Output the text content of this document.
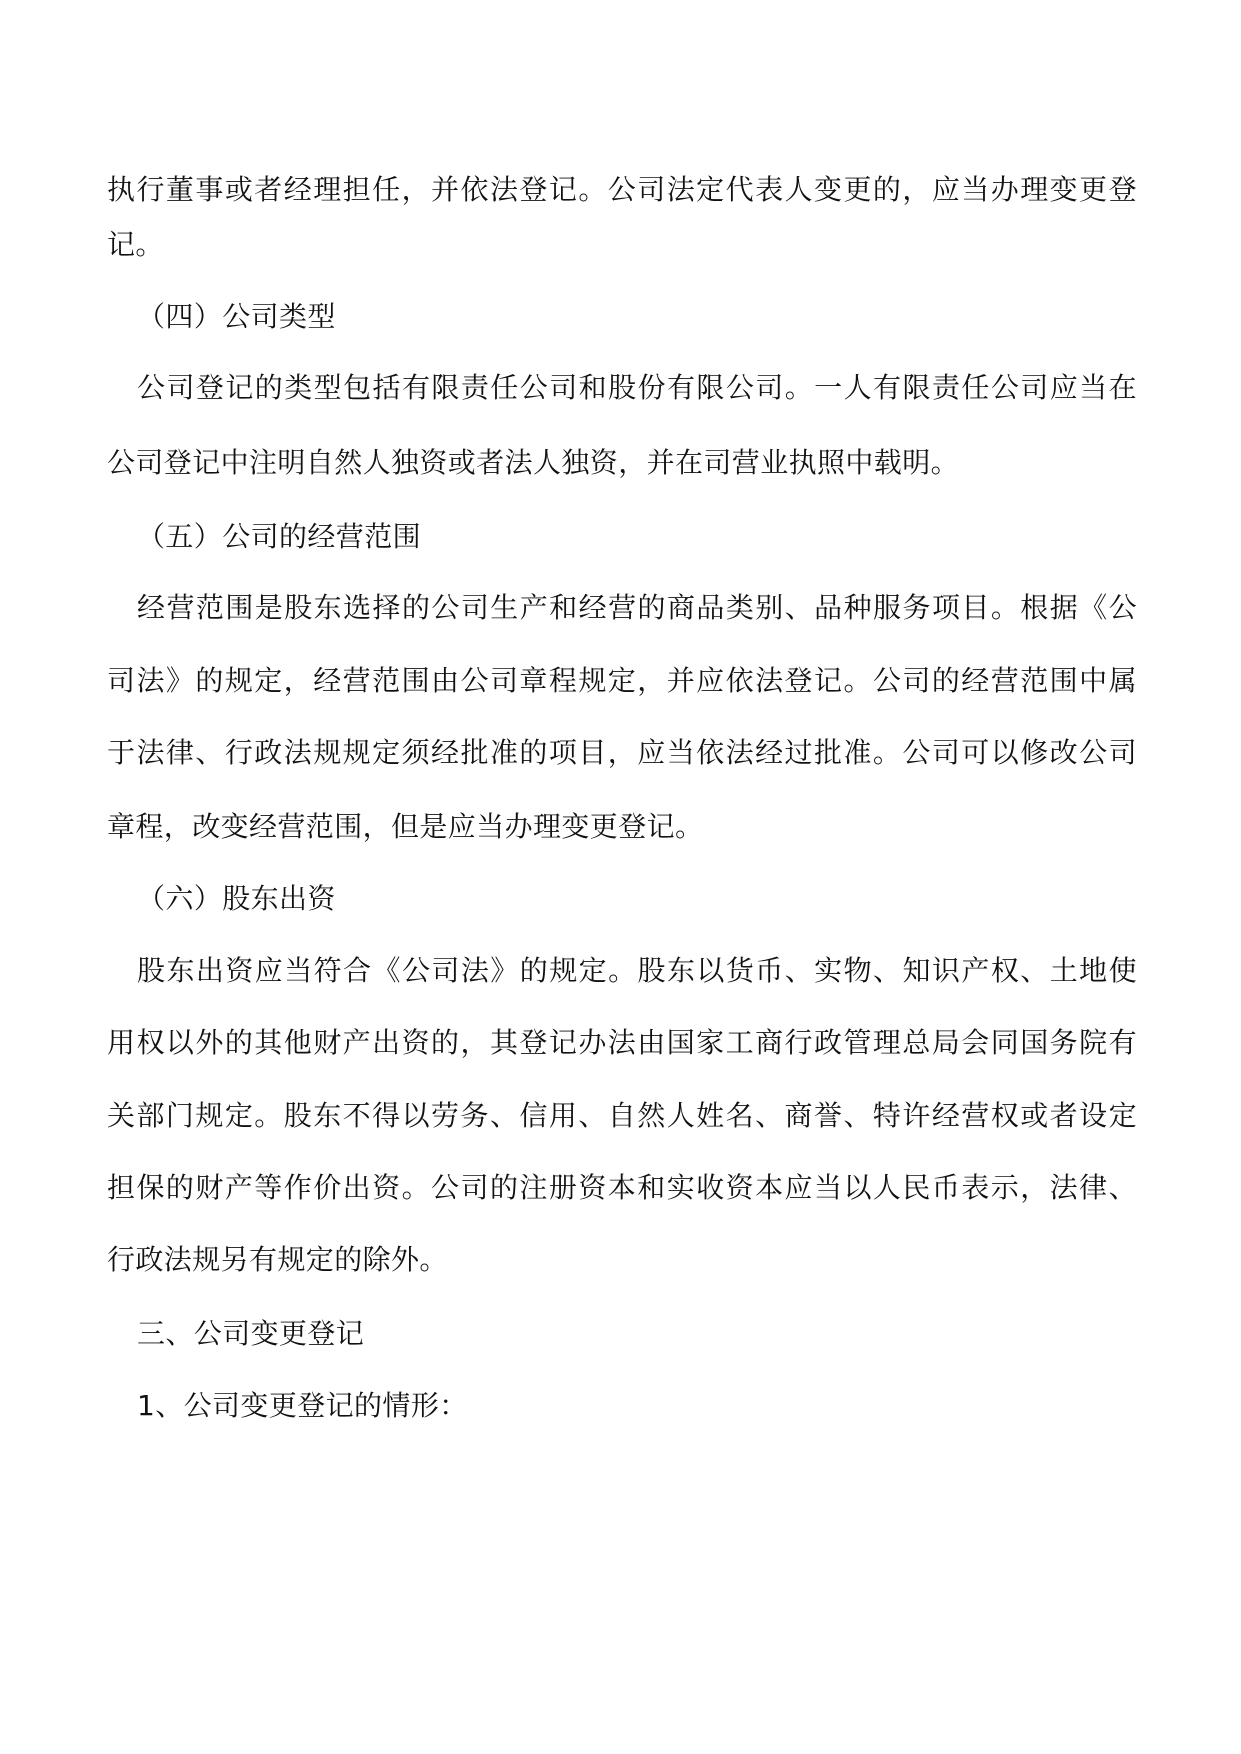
执行董事或者经理担任，并依法登记。公司法定代表人变更的，应当办理变更登
记。
（四）公司类型
公司登记的类型包括有限责任公司和股份有限公司。一人有限责任公司应当在
公司登记中注明自然人独资或者法人独资，并在司营业执照中载明。
（五）公司的经营范围
经营范围是股东选择的公司生产和经营的商品类别、品种服务项目。根据《公
司法》的规定，经营范围由公司章程规定，并应依法登记。公司的经营范围中属
于法律、行政法规规定须经批准的项目，应当依法经过批准。公司可以修改公司
章程，改变经营范围，但是应当办理变更登记。
（六）股东出资
股东出资应当符合《公司法》的规定。股东以货币、实物、知识产权、土地使
用权以外的其他财产出资的，其登记办法由国家工商行政管理总局会同国务院有
关部门规定。股东不得以劳务、信用、自然人姓名、商誉、特许经营权或者设定
担保的财产等作价出资。公司的注册资本和实收资本应当以人民币表示，法律、
行政法规另有规定的除外。
三、公司变更登记
1、公司变更登记的情形：
